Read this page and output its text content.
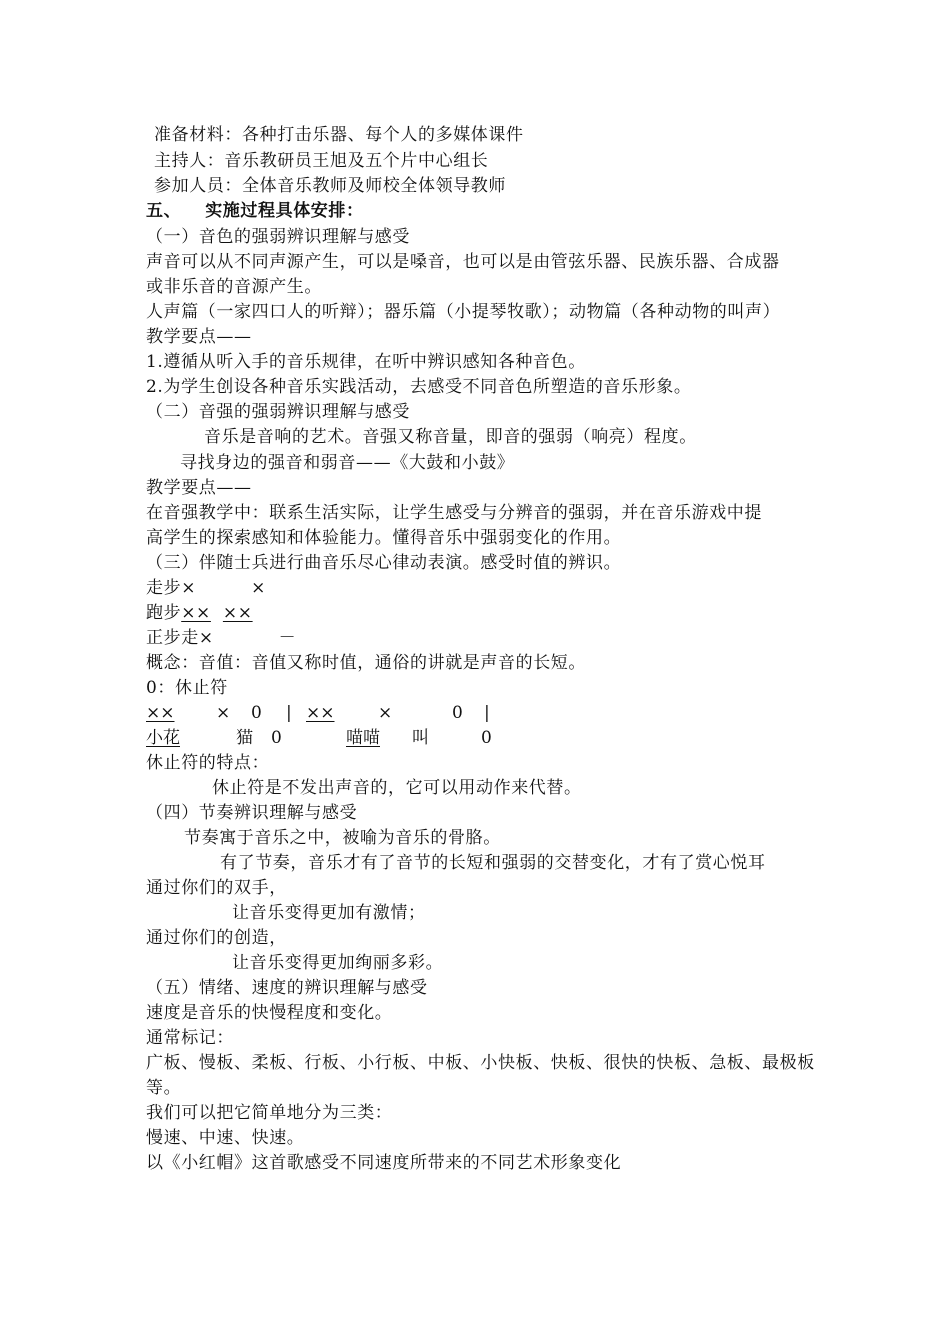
准备材料：各种打击乐器、每个人的多媒体课件
主持人：音乐教研员王旭及五个片中心组长
参加人员：全体音乐教师及师校全体领导教师
五、 实施过程具体安排：
（一）音色的强弱辨识理解与感受
声音可以从不同声源产生，可以是嗓音，也可以是由管弦乐器、民族乐器、合成器
或非乐音的音源产生。
人声篇（一家四口人的听辩）；器乐篇（小提琴牧歌）；动物篇（各种动物的叫声）
教学要点——
1.遵循从听入手的音乐规律，在听中辨识感知各种音色。
2.为学生创设各种音乐实践活动，去感受不同音色所塑造的音乐形象。
（二）音强的强弱辨识理解与感受
音乐是音响的艺术。音强又称音量，即音的强弱（响亮）程度。
寻找身边的强音和弱音——《大鼓和小鼓》
教学要点——
在音强教学中：联系生活实际，让学生感受与分辨音的强弱，并在音乐游戏中提
高学生的探索感知和体验能力。懂得音乐中强弱变化的作用。
（三）伴随士兵进行曲音乐尽心律动表演。感受时值的辨识。
走步×	×
跑步×× ××
正步走×	－
概念：音值：音值又称时值，通俗的讲就是声音的长短。
0：休止符
×× × 0 | ××	×	0 |
小花	猫 0	喵喵 叫	0
休止符的特点：
休止符是不发出声音的，它可以用动作来代替。
（四）节奏辨识理解与感受
节奏寓于音乐之中，被喻为音乐的骨胳。
有了节奏，音乐才有了音节的长短和强弱的交替变化，才有了赏心悦耳
通过你们的双手，
让音乐变得更加有激情；
通过你们的创造，
让音乐变得更加绚丽多彩。
（五）情绪、速度的辨识理解与感受
速度是音乐的快慢程度和变化。
通常标记：
广板、慢板、柔板、行板、小行板、中板、小快板、快板、很快的快板、急板、最极板
等。
我们可以把它简单地分为三类：
慢速、中速、快速。
以《小红帽》这首歌感受不同速度所带来的不同艺术形象变化
